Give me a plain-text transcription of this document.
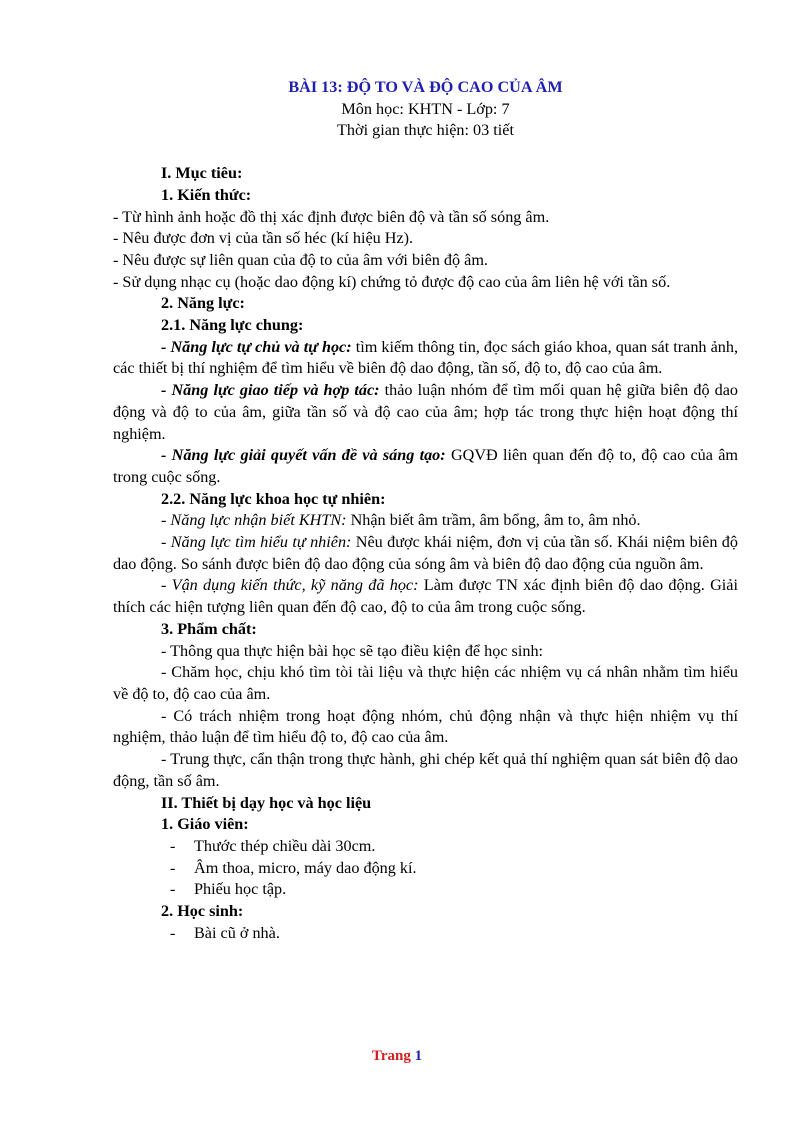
BÀI 13: ĐỘ TO VÀ ĐỘ CAO CỦA ÂM

Môn học: KHTN - Lớp: 7

Thời gian thực hiện: 03 tiết

I. Mục tiêu:

1. Kiến thức:

- Từ hình ảnh hoặc đồ thị xác định được biên độ và tần số sóng âm.

- Nêu được đơn vị của tần số héc (kí hiệu Hz).

- Nêu được sự liên quan của độ to của âm với biên độ âm.

- Sử dụng nhạc cụ (hoặc dao động kí) chứng tỏ được độ cao của âm liên hệ với tần số.

2. Năng lực:

2.1. Năng lực chung:

- Năng lực tự chủ và tự học: tìm kiếm thông tin, đọc sách giáo khoa, quan sát tranh ảnh, các thiết bị thí nghiệm để tìm hiểu về biên độ dao động, tần số, độ to, độ cao của âm.

- Năng lực giao tiếp và hợp tác: thảo luận nhóm để tìm mối quan hệ giữa biên độ dao động và độ to của âm, giữa tần số và độ cao của âm; hợp tác trong thực hiện hoạt động thí nghiệm.

- Năng lực giải quyết vấn đề và sáng tạo: GQVĐ liên quan đến độ to, độ cao của âm trong cuộc sống.

2.2. Năng lực khoa học tự nhiên:

- Năng lực nhận biết KHTN: Nhận biết âm trầm, âm bổng, âm to, âm nhỏ.

- Năng lực tìm hiểu tự nhiên: Nêu được khái niệm, đơn vị của tần số. Khái niệm biên độ dao động. So sánh được biên độ dao động của sóng âm và biên độ dao động của nguồn âm.

- Vận dụng kiến thức, kỹ năng đã học: Làm được TN xác định biên độ dao động. Giải thích các hiện tượng liên quan đến độ cao, độ to của âm trong cuộc sống.

3. Phẩm chất:

- Thông qua thực hiện bài học sẽ tạo điều kiện để học sinh:

- Chăm học, chịu khó tìm tòi tài liệu và thực hiện các nhiệm vụ cá nhân nhằm tìm hiểu về độ to, độ cao của âm.

- Có trách nhiệm trong hoạt động nhóm, chủ động nhận và thực hiện nhiệm vụ thí nghiệm, thảo luận để tìm hiểu độ to, độ cao của âm.

- Trung thực, cẩn thận trong thực hành, ghi chép kết quả thí nghiệm quan sát biên độ dao động, tần số âm.

II. Thiết bị dạy học và học liệu

1. Giáo viên:

- Thước thép chiều dài 30cm.

- Âm thoa, micro, máy dao động kí.

- Phiếu học tập.

2. Học sinh:

- Bài cũ ở nhà.

Trang 1
